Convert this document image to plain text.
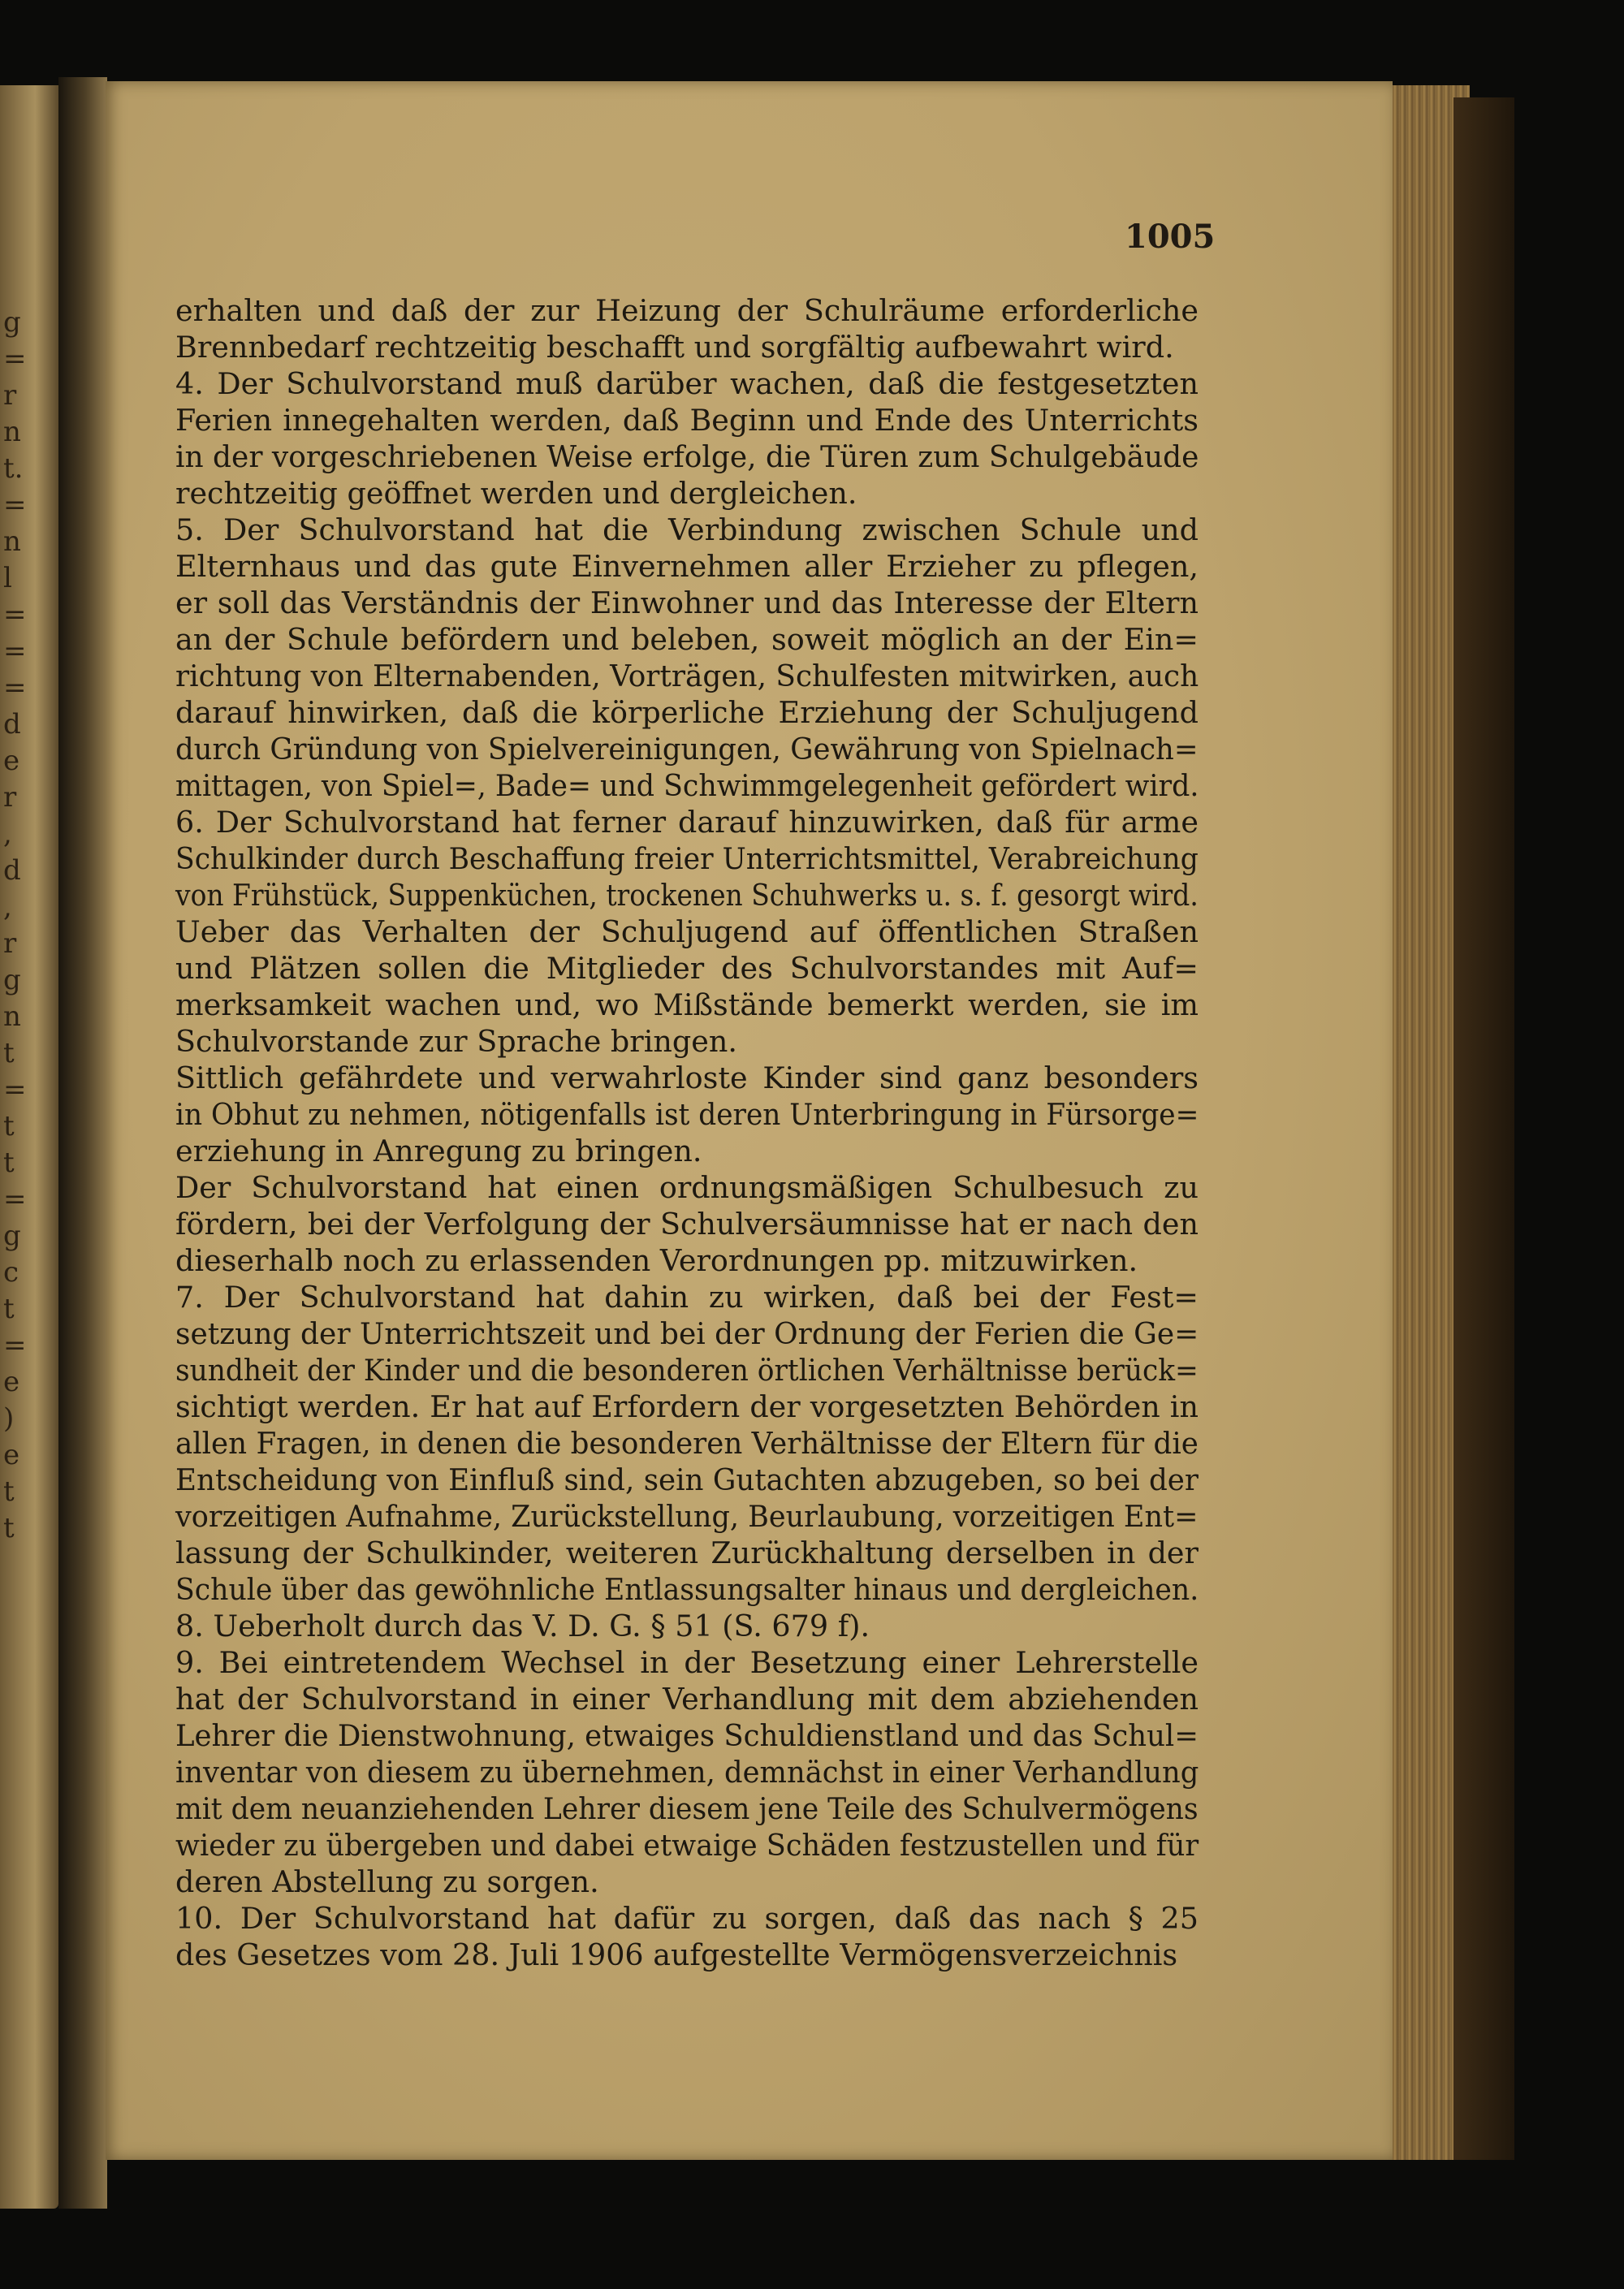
g
=
r
n
t.
=
n
l
=
=
=
d
e
r
,
d
,
r
g
n
t
=
t
t
=
g
c
t
=
e
)
e
t
t
1005
erhalten und daß der zur Heizung der Schulräume erforderliche
Brennbedarf rechtzeitig beschafft und sorgfältig aufbewahrt wird.
4. Der Schulvorstand muß darüber wachen, daß die festgesetzten
Ferien innegehalten werden, daß Beginn und Ende des Unterrichts
in der vorgeschriebenen Weise erfolge, die Türen zum Schulgebäude
rechtzeitig geöffnet werden und dergleichen.
5. Der Schulvorstand hat die Verbindung zwischen Schule und
Elternhaus und das gute Einvernehmen aller Erzieher zu pflegen,
er soll das Verständnis der Einwohner und das Interesse der Eltern
an der Schule befördern und beleben, soweit möglich an der Ein=
richtung von Elternabenden, Vorträgen, Schulfesten mitwirken, auch
darauf hinwirken, daß die körperliche Erziehung der Schuljugend
durch Gründung von Spielvereinigungen, Gewährung von Spielnach=
mittagen, von Spiel=, Bade= und Schwimmgelegenheit gefördert wird.
6. Der Schulvorstand hat ferner darauf hinzuwirken, daß für arme
Schulkinder durch Beschaffung freier Unterrichtsmittel, Verabreichung
von Frühstück, Suppenküchen, trockenen Schuhwerks u. s. f. gesorgt wird.
Ueber das Verhalten der Schuljugend auf öffentlichen Straßen
und Plätzen sollen die Mitglieder des Schulvorstandes mit Auf=
merksamkeit wachen und, wo Mißstände bemerkt werden, sie im
Schulvorstande zur Sprache bringen.
Sittlich gefährdete und verwahrloste Kinder sind ganz besonders
in Obhut zu nehmen, nötigenfalls ist deren Unterbringung in Fürsorge=
erziehung in Anregung zu bringen.
Der Schulvorstand hat einen ordnungsmäßigen Schulbesuch zu
fördern, bei der Verfolgung der Schulversäumnisse hat er nach den
dieserhalb noch zu erlassenden Verordnungen pp. mitzuwirken.
7. Der Schulvorstand hat dahin zu wirken, daß bei der Fest=
setzung der Unterrichtszeit und bei der Ordnung der Ferien die Ge=
sundheit der Kinder und die besonderen örtlichen Verhältnisse berück=
sichtigt werden. Er hat auf Erfordern der vorgesetzten Behörden in
allen Fragen, in denen die besonderen Verhältnisse der Eltern für die
Entscheidung von Einfluß sind, sein Gutachten abzugeben, so bei der
vorzeitigen Aufnahme, Zurückstellung, Beurlaubung, vorzeitigen Ent=
lassung der Schulkinder, weiteren Zurückhaltung derselben in der
Schule über das gewöhnliche Entlassungsalter hinaus und dergleichen.
8. Ueberholt durch das V. D. G. § 51 (S. 679 f).
9. Bei eintretendem Wechsel in der Besetzung einer Lehrerstelle
hat der Schulvorstand in einer Verhandlung mit dem abziehenden
Lehrer die Dienstwohnung, etwaiges Schuldienstland und das Schul=
inventar von diesem zu übernehmen, demnächst in einer Verhandlung
mit dem neuanziehenden Lehrer diesem jene Teile des Schulvermögens
wieder zu übergeben und dabei etwaige Schäden festzustellen und für
deren Abstellung zu sorgen.
10. Der Schulvorstand hat dafür zu sorgen, daß das nach § 25
des Gesetzes vom 28. Juli 1906 aufgestellte Vermögensverzeichnis
